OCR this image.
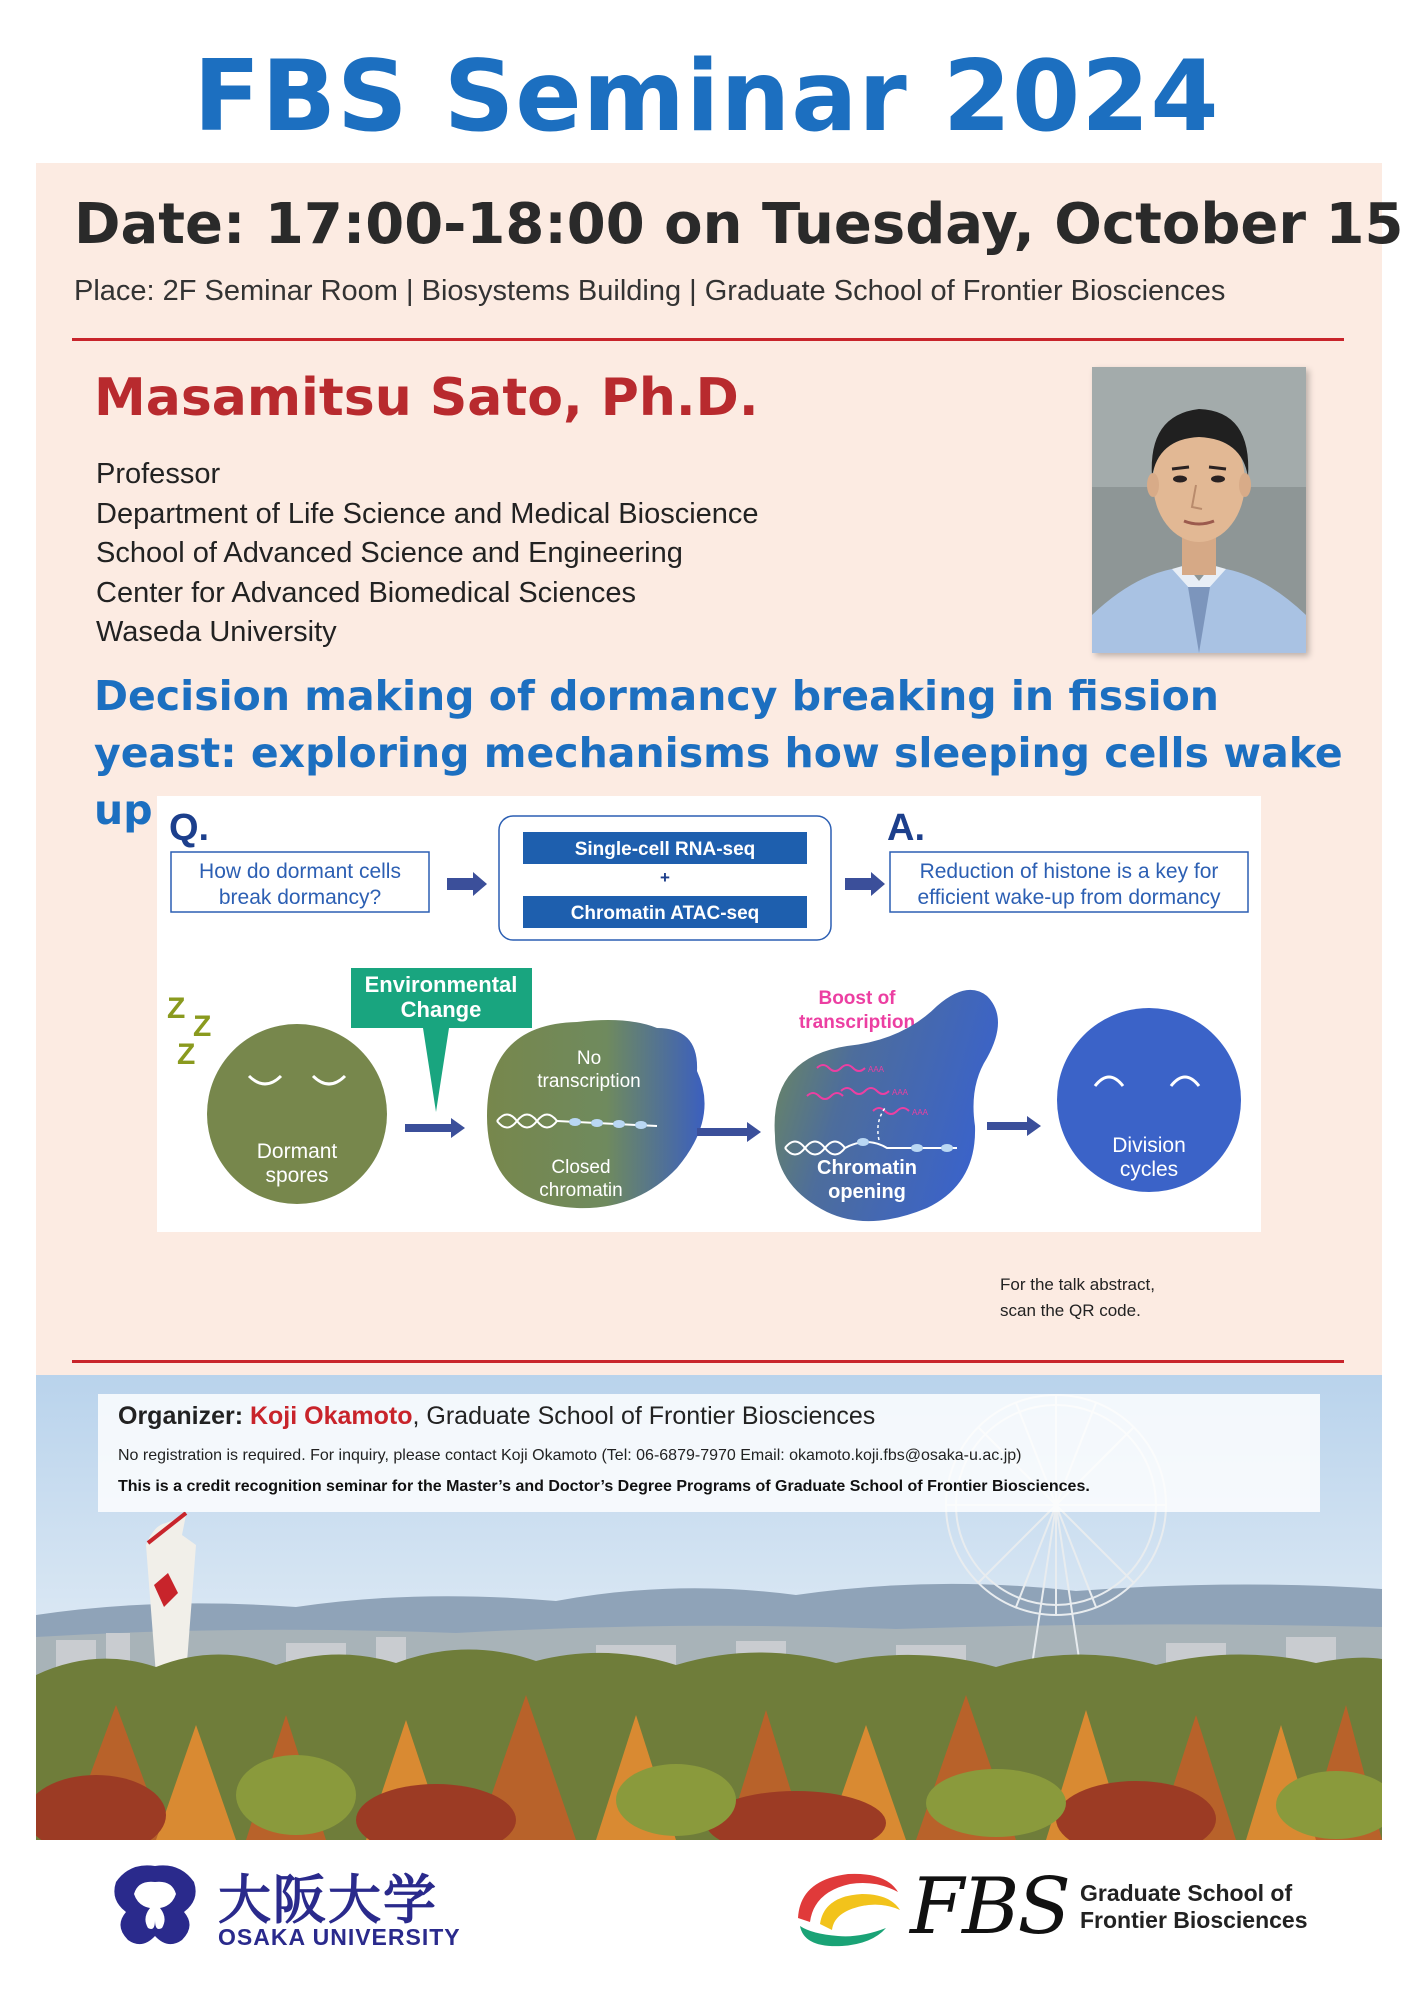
FBS Seminar 2024
Date: 17:00-18:00 on Tuesday, October 15
Place: 2F Seminar Room | Biosystems Building | Graduate School of Frontier Biosciences
Masamitsu Sato, Ph.D.
Professor
Department of Life Science and Medical Bioscience
School of Advanced Science and Engineering
Center for Advanced Biomedical Sciences
Waseda University
Decision making of dormancy breaking in fission yeast: exploring mechanisms how sleeping cells wake up Q.
How do dormant cells
break dormancy?
Single-cell RNA-seq
+
Chromatin ATAC-seq
A.
Reduction of histone is a key for
efficient wake-up from dormancy
Z
Z
Z
Dormant
spores
Environmental
Change
No
transcription
Closed
chromatin
Boost of
transcription
AAA
AAA
AAA
Chromatin
opening
Division
cycles
For the talk abstract,
scan the QR code.
Organizer: Koji Okamoto, Graduate School of Frontier Biosciences
No registration is required. For inquiry, please contact Koji Okamoto (Tel: 06-6879-7970 Email: okamoto.koji.fbs@osaka-u.ac.jp)
This is a credit recognition seminar for the Master’s and Doctor’s Degree Programs of Graduate School of Frontier Biosciences.
大阪大学
OSAKA UNIVERSITY	FBS Graduate School of
Frontier Biosciences
